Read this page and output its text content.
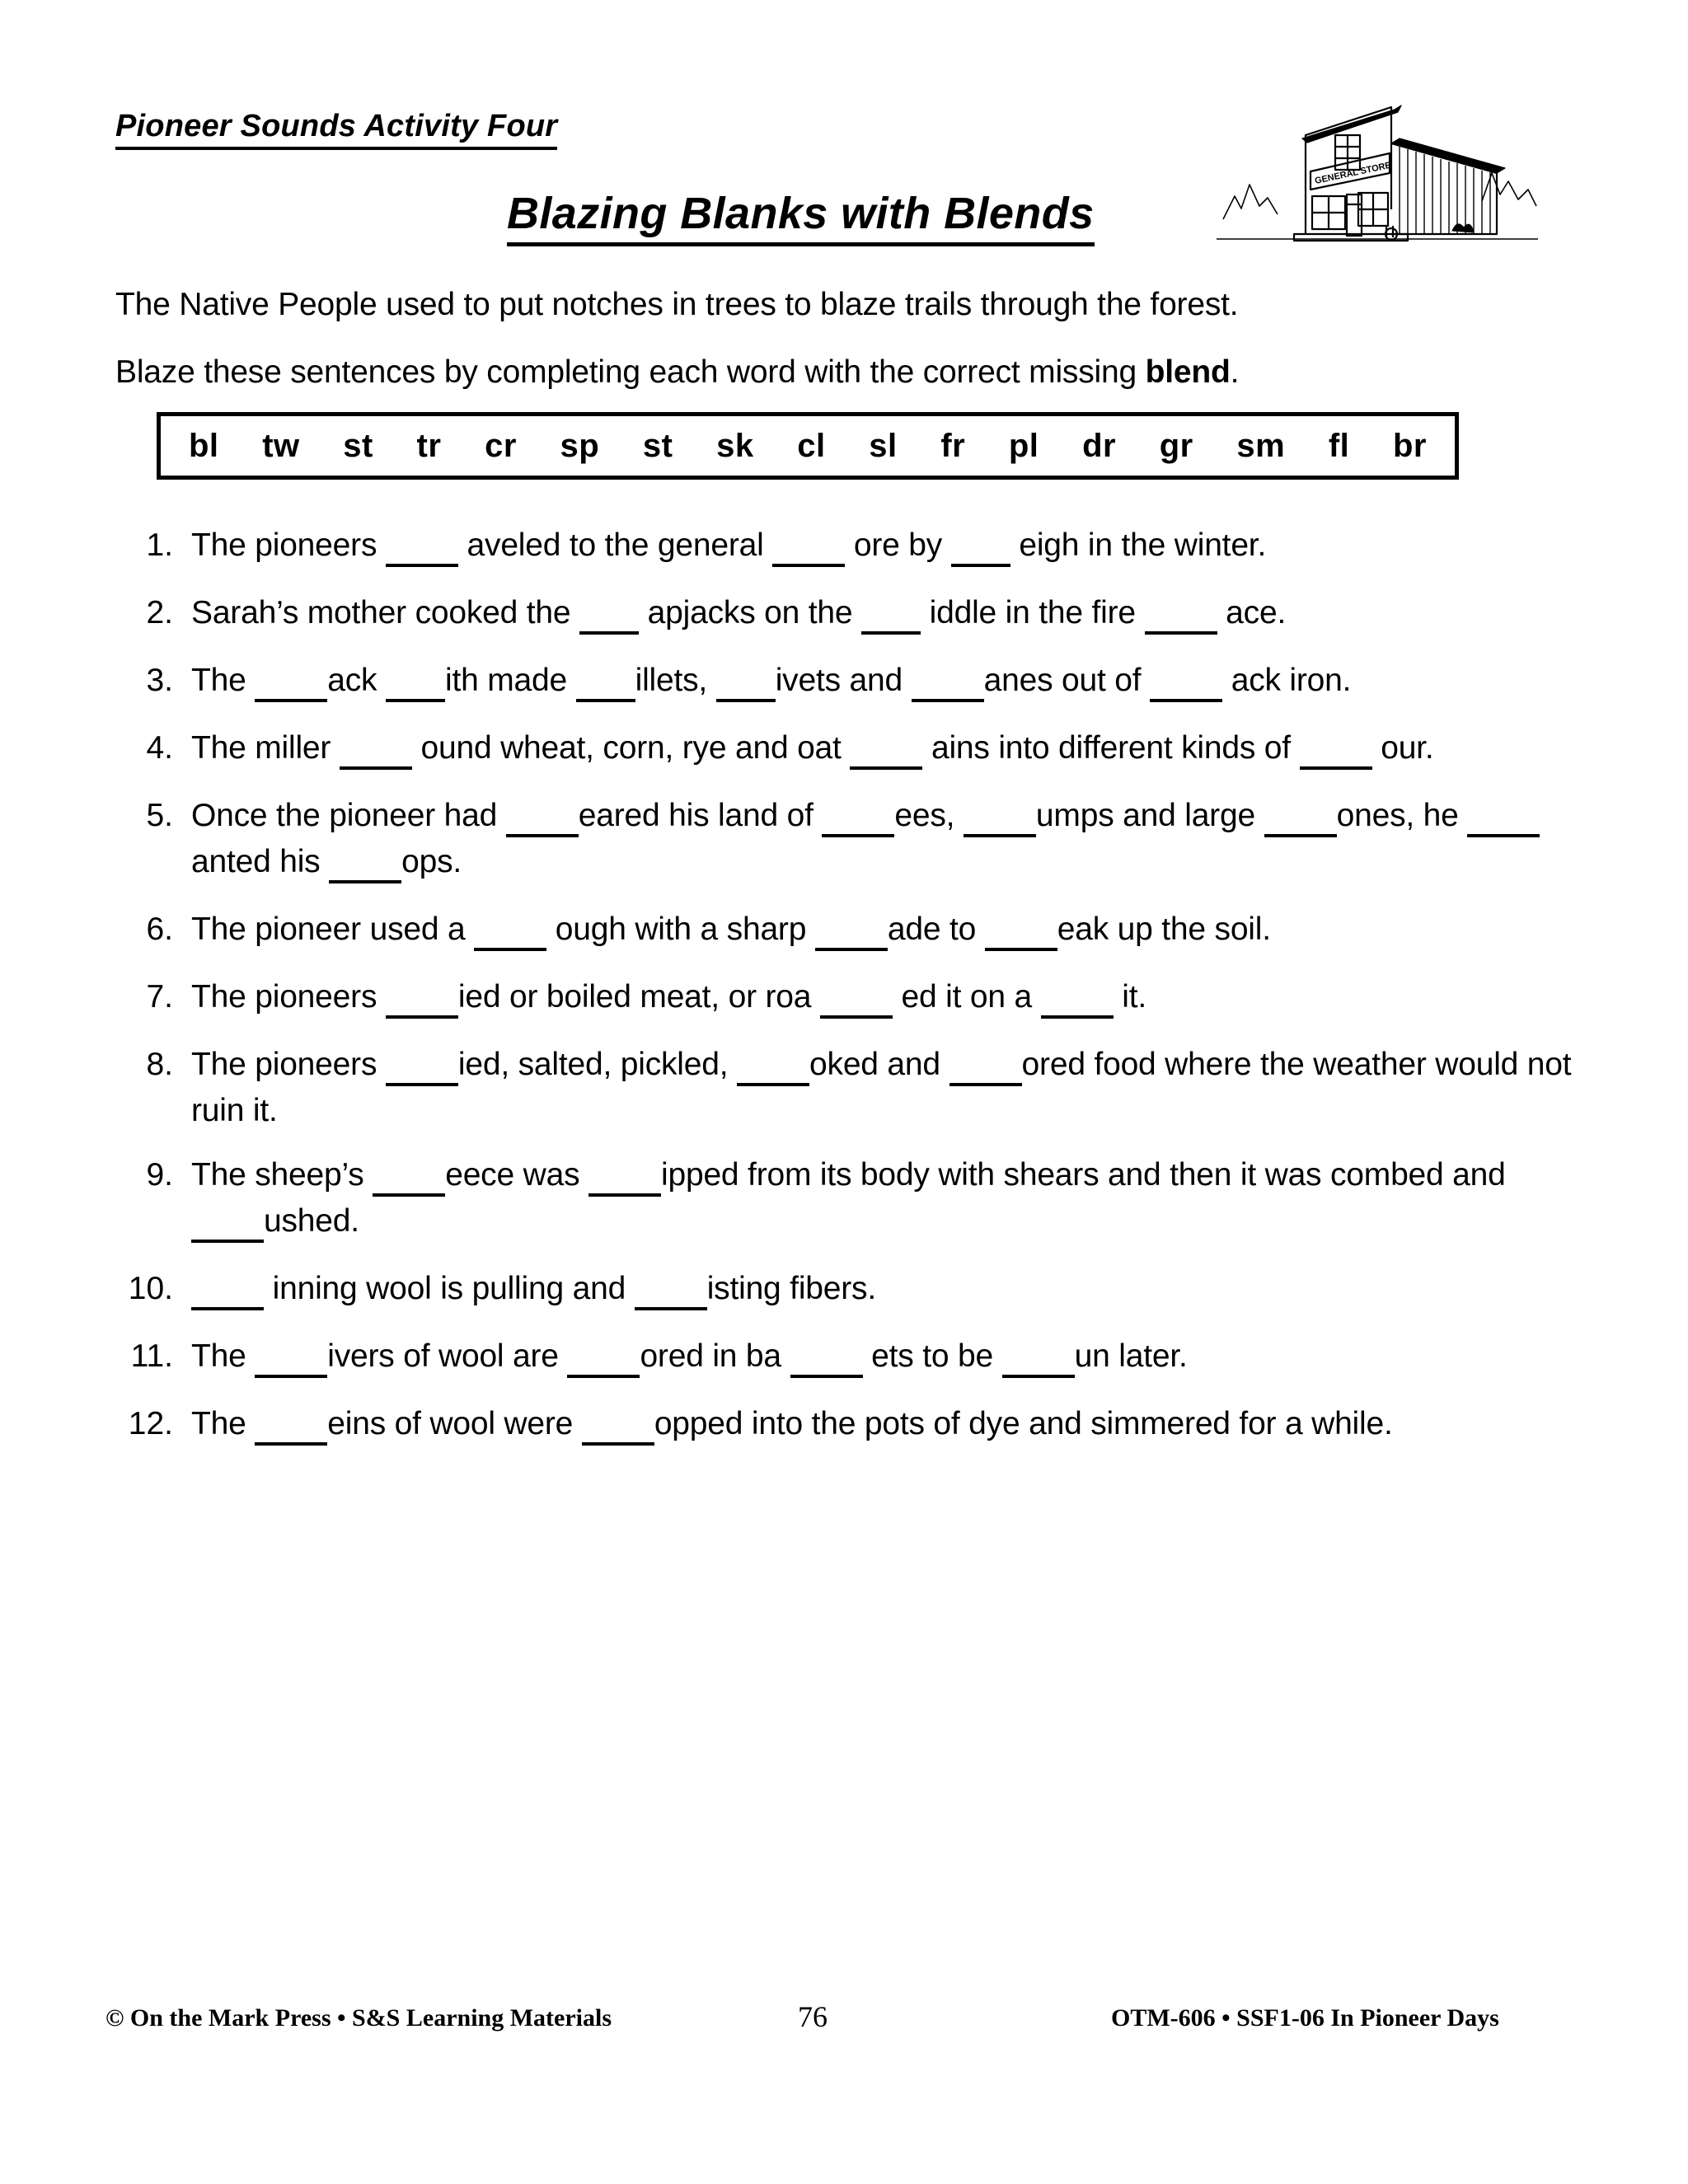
Pioneer Sounds Activity Four
Blazing Blanks with Blends
GENERAL STORE
The Native People used to put notches in trees to blaze trails through the forest.
Blaze these sentences by completing each word with the correct missing blend.
bl tw st tr cr sp st sk cl sl fr pl dr gr sm fl br
1. The pioneers   aveled to the general   ore by   eigh in the winter.
2. Sarah’s mother cooked the   apjacks on the   iddle in the fire   ace.
3. The  ack  ith made  illets,  ivets and  anes out of   ack iron.
4. The miller   ound wheat, corn, rye and oat   ains into different kinds of   our.
5. Once the pioneer had  eared his land of  ees,  umps and large  ones, he  anted his  ops.
6. The pioneer used a   ough with a sharp  ade to  eak up the soil.
7. The pioneers  ied or boiled meat, or roa   ed it on a   it.
8. The pioneers  ied, salted, pickled,  oked and  ored food where the weather would not ruin it.
9. The sheep’s  eece was  ipped from its body with shears and then it was combed and  ushed.
10.	inning wool is pulling and  isting fibers.
11. The  ivers of wool are  ored in ba   ets to be  un later.
12. The  eins of wool were  opped into the pots of dye and simmered for a while.
© On the Mark Press • S&S Learning Materials	76	OTM-606 • SSF1-06 In Pioneer Days
